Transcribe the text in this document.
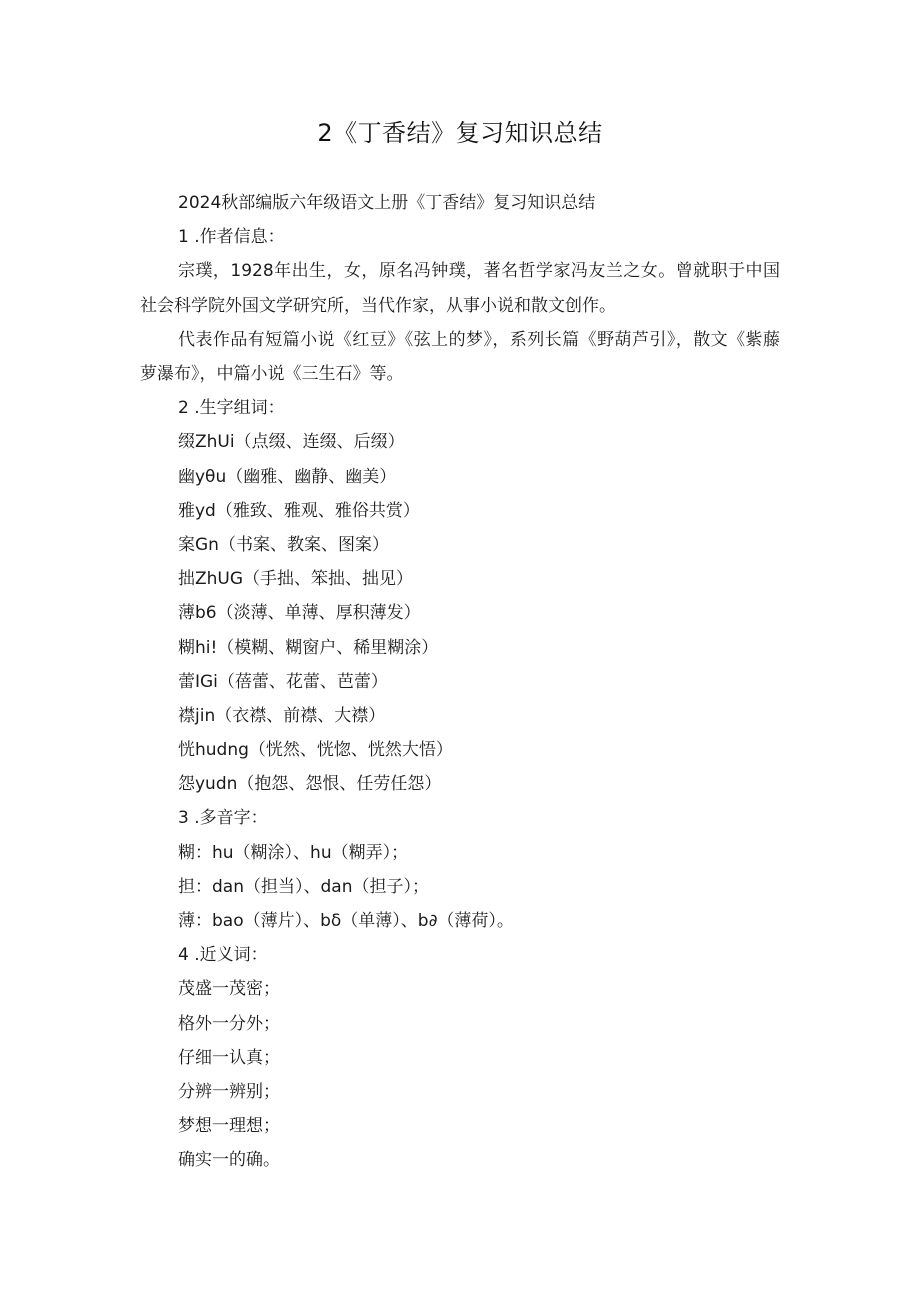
2《丁香结》复习知识总结
2024秋部编版六年级语文上册《丁香结》复习知识总结
1 .作者信息：
宗璞，1928年出生，女，原名冯钟璞，著名哲学家冯友兰之女。曾就职于中国社会科学院外国文学研究所，当代作家，从事小说和散文创作。
代表作品有短篇小说《红豆》《弦上的梦》，系列长篇《野葫芦引》，散文《紫藤萝瀑布》，中篇小说《三生石》等。
2 .生字组词：
缀ZhUi（点缀、连缀、后缀）
幽yθu（幽雅、幽静、幽美）
雅yd（雅致、雅观、雅俗共赏）
案Gn（书案、教案、图案）
拙ZhUG（手拙、笨拙、拙见）
薄b6（淡薄、单薄、厚积薄发）
糊hi!（模糊、糊窗户、稀里糊涂）
蕾IGi（蓓蕾、花蕾、芭蕾）
襟jin（衣襟、前襟、大襟）
恍hudng（恍然、恍惚、恍然大悟）
怨yudn（抱怨、怨恨、任劳任怨）
3 .多音字：
糊：hu（糊涂）、hu（糊弄）；
担：dan（担当）、dan（担子）；
薄：bao（薄片）、bδ（单薄）、b∂（薄荷）。
4 .近义词：
茂盛一茂密；
格外一分外；
仔细一认真；
分辨一辨别；
梦想一理想；
确实一的确。
